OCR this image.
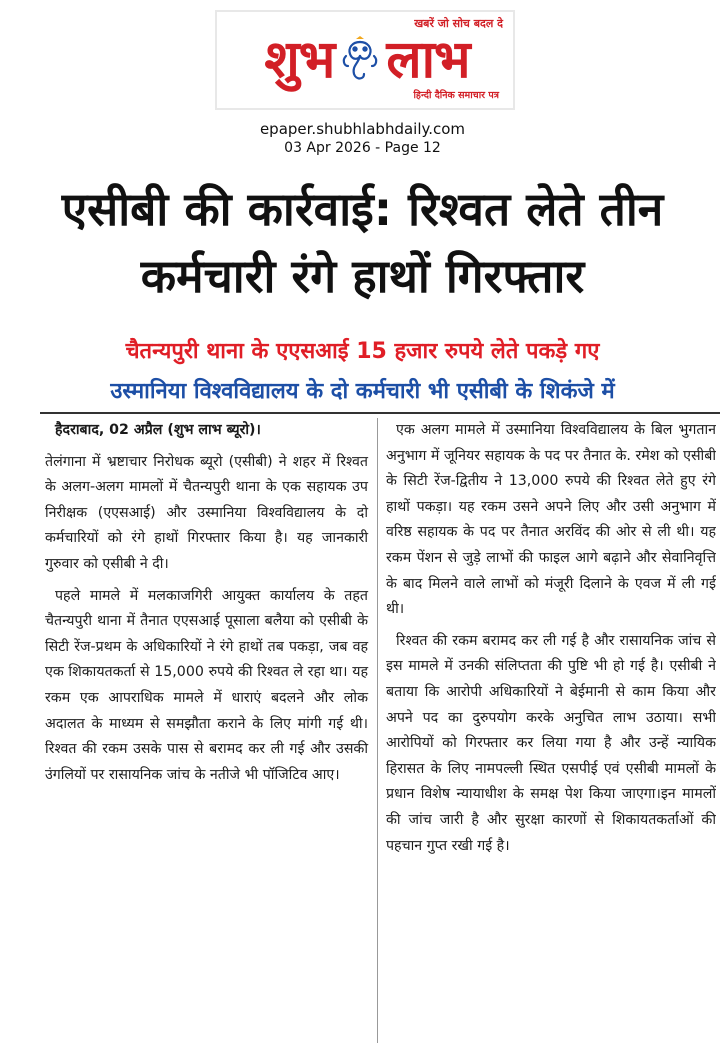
खबरें जो सोच बदल दे
शुभ लाभ
हिन्दी दैनिक समाचार पत्र
epaper.shubhlabhdaily.com
03 Apr 2026 - Page 12
एसीबी की कार्रवाई: रिश्वत लेते तीन
कर्मचारी रंगे हाथों गिरफ्तार
चैतन्यपुरी थाना के एएसआई 15 हजार रुपये लेते पकड़े गए
उस्मानिया विश्वविद्यालय के दो कर्मचारी भी एसीबी के शिकंजे में

हैदराबाद, 02 अप्रैल (शुभ लाभ ब्यूरो)।

तेलंगाना में भ्रष्टाचार निरोधक ब्यूरो (एसीबी) ने शहर में रिश्वत के अलग-अलग मामलों में चैतन्यपुरी थाना के एक सहायक उप निरीक्षक (एएसआई) और उस्मानिया विश्वविद्यालय के दो कर्मचारियों को रंगे हाथों गिरफ्तार किया है। यह जानकारी गुरुवार को एसीबी ने दी।

पहले मामले में मलकाजगिरी आयुक्त कार्यालय के तहत चैतन्यपुरी थाना में तैनात एएसआई पूसाला बलैया को एसीबी के सिटी रेंज-प्रथम के अधिकारियों ने रंगे हाथों तब पकड़ा, जब वह एक शिकायतकर्ता से 15,000 रुपये की रिश्वत ले रहा था। यह रकम एक आपराधिक मामले में धाराएं बदलने और लोक अदालत के माध्यम से समझौता कराने के लिए मांगी गई थी। रिश्वत की रकम उसके पास से बरामद कर ली गई और उसकी उंगलियों पर रासायनिक जांच के नतीजे भी पॉजिटिव आए।

एक अलग मामले में उस्मानिया विश्वविद्यालय के बिल भुगतान अनुभाग में जूनियर सहायक के पद पर तैनात के. रमेश को एसीबी के सिटी रेंज-द्वितीय ने 13,000 रुपये की रिश्वत लेते हुए रंगे हाथों पकड़ा। यह रकम उसने अपने लिए और उसी अनुभाग में वरिष्ठ सहायक के पद पर तैनात अरविंद की ओर से ली थी। यह रकम पेंशन से जुड़े लाभों की फाइल आगे बढ़ाने और सेवानिवृत्ति के बाद मिलने वाले लाभों को मंजूरी दिलाने के एवज में ली गई थी।

रिश्वत की रकम बरामद कर ली गई है और रासायनिक जांच से इस मामले में उनकी संलिप्तता की पुष्टि भी हो गई है। एसीबी ने बताया कि आरोपी अधिकारियों ने बेईमानी से काम किया और अपने पद का दुरुपयोग करके अनुचित लाभ उठाया। सभी आरोपियों को गिरफ्तार कर लिया गया है और उन्हें न्यायिक हिरासत के लिए नामपल्ली स्थित एसपीई एवं एसीबी मामलों के प्रधान विशेष न्यायाधीश के समक्ष पेश किया जाएगा।इन मामलों की जांच जारी है और सुरक्षा कारणों से शिकायतकर्ताओं की पहचान गुप्त रखी गई है।
